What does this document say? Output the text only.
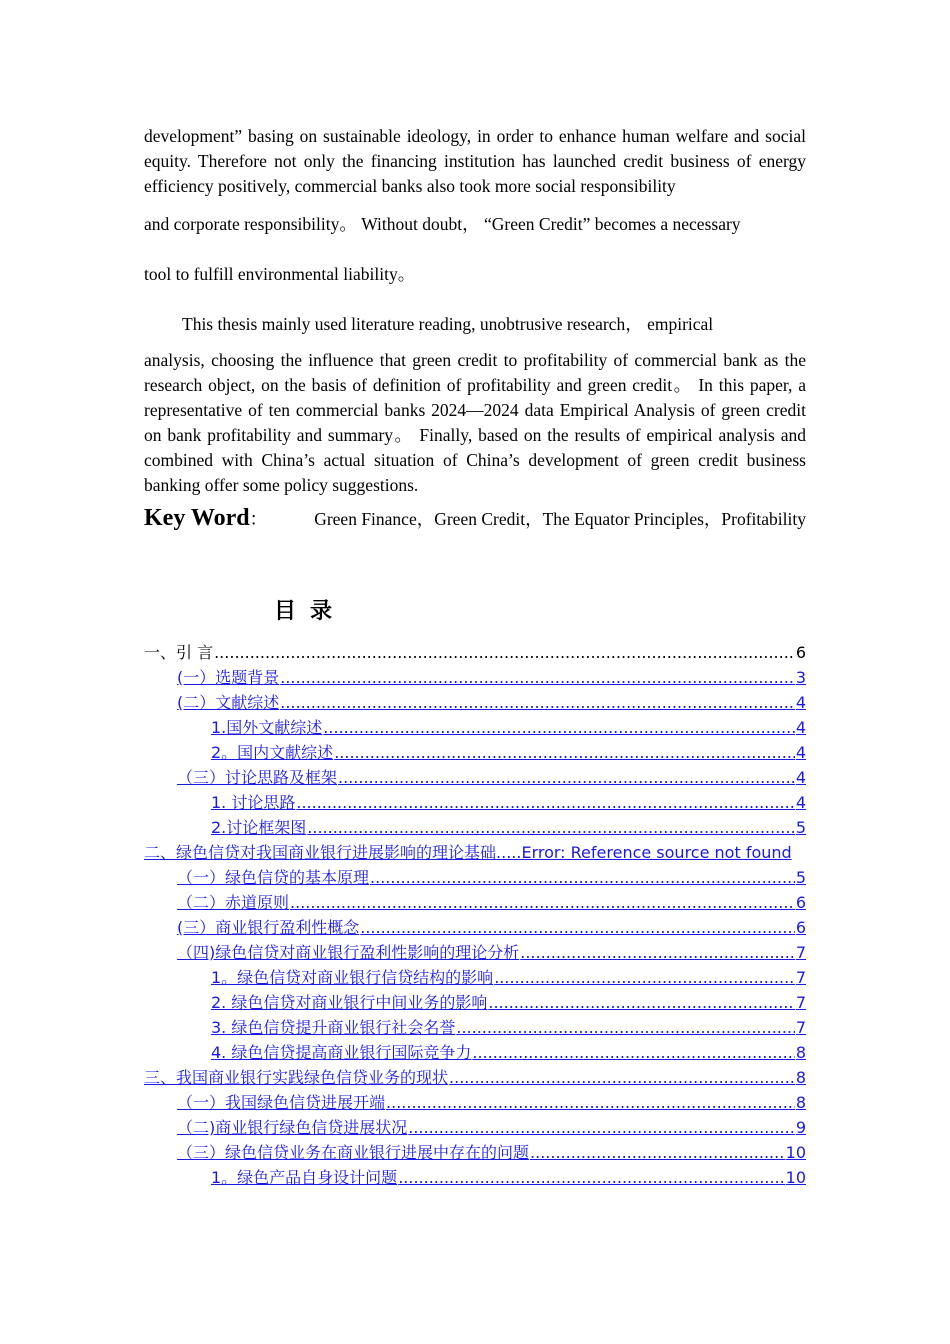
development” basing on sustainable ideology, in order to enhance human welfare and social equity. Therefore not only the financing institution has launched credit business of energy efficiency positively, commercial banks also took more social responsibility

and corporate responsibility。 Without doubt， “Green Credit” becomes a necessary

tool to fulfill environmental liability。

This thesis mainly used literature reading, unobtrusive research， empirical

analysis, choosing the influence that green credit to profitability of commercial bank as the research object, on the basis of definition of profitability and green credit。 In this paper, a representative of ten commercial banks 2024—2024 data Empirical Analysis of green credit on bank profitability and summary。 Finally, based on the results of empirical analysis and combined with China’s actual situation of China’s development of green credit business banking offer some policy suggestions.

Key Word：	Green Finance，Green Credit，The Equator Principles，Profitability
目录
一、引 言 .....	6
(一）选题背景 .....	3
(二）文献综述 .....	4
1.国外文献综述 .....	4
2。国内文献综述 .....	4
（三）讨论思路及框架 .....	4
1. 讨论思路 .....	4
2.讨论框架图 .....	5
二、绿色信贷对我国商业银行进展影响的理论基础.....Error: Reference source not found
（一）绿色信贷的基本原理 .....	5
（二）赤道原则 .....	6
(三）商业银行盈利性概念 .....	6
（四)绿色信贷对商业银行盈利性影响的理论分析 .....	7
1。绿色信贷对商业银行信贷结构的影响 .....	7
2. 绿色信贷对商业银行中间业务的影响 .....	7
3. 绿色信贷提升商业银行社会名誉 .....	7
4. 绿色信贷提高商业银行国际竞争力 .....	8
三、我国商业银行实践绿色信贷业务的现状 .....	8
（一）我国绿色信贷进展开端 .....	8
（二)商业银行绿色信贷进展状况 .....	9
（三）绿色信贷业务在商业银行进展中存在的问题 .....	10
1。绿色产品自身设计问题 .....	10
